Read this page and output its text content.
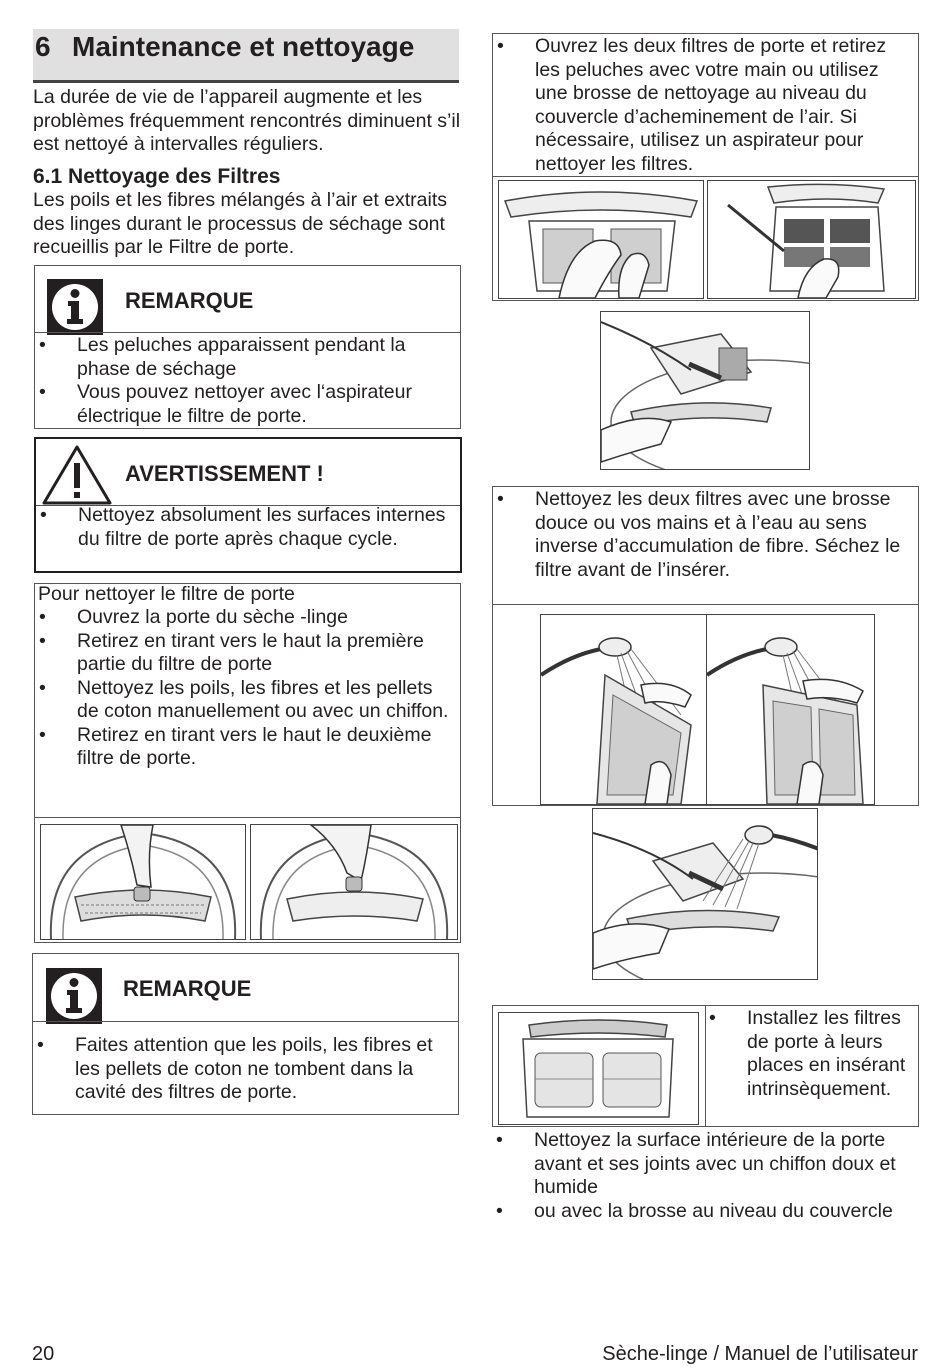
6 Maintenance et nettoyage
La durée de vie de l’appareil augmente et les problèmes fréquemment rencontrés diminuent s’il est nettoyé à intervalles réguliers.
6.1 Nettoyage des Filtres
Les poils et les fibres mélangés à l’air et extraits des linges durant le processus de séchage sont recueillis par le Filtre de porte.
REMARQUE
• Les peluches apparaissent pendant la phase de séchage
• Vous pouvez nettoyer avec l‘aspirateur électrique le filtre de porte.
AVERTISSEMENT !
• Nettoyez absolument les surfaces internes du filtre de porte après chaque cycle.
Pour nettoyer le filtre de porte
• Ouvrez la porte du sèche -linge
• Retirez en tirant vers le haut la première partie du filtre de porte
• Nettoyez les poils, les fibres et les pellets de coton manuellement ou avec un chiffon.
• Retirez en tirant vers le haut le deuxième filtre de porte.
REMARQUE
• Faites attention que les poils, les fibres et les pellets de coton ne tombent dans la cavité des filtres de porte.
• Ouvrez les deux filtres de porte et retirez les peluches avec votre main ou utilisez une brosse de nettoyage au niveau du couvercle d’acheminement de l’air. Si nécessaire, utilisez un aspirateur pour nettoyer les filtres.
• Nettoyez les deux filtres avec une brosse douce ou vos mains et à l’eau au sens inverse d’accumulation de fibre. Séchez le filtre avant de l’insérer.
• Installez les filtres de porte à leurs places en insérant intrinsèquement.
• Nettoyez la surface intérieure de la porte avant et ses joints avec un chiffon doux et humide
• ou avec la brosse au niveau du couvercle
20	Sèche-linge / Manuel de l’utilisateur
